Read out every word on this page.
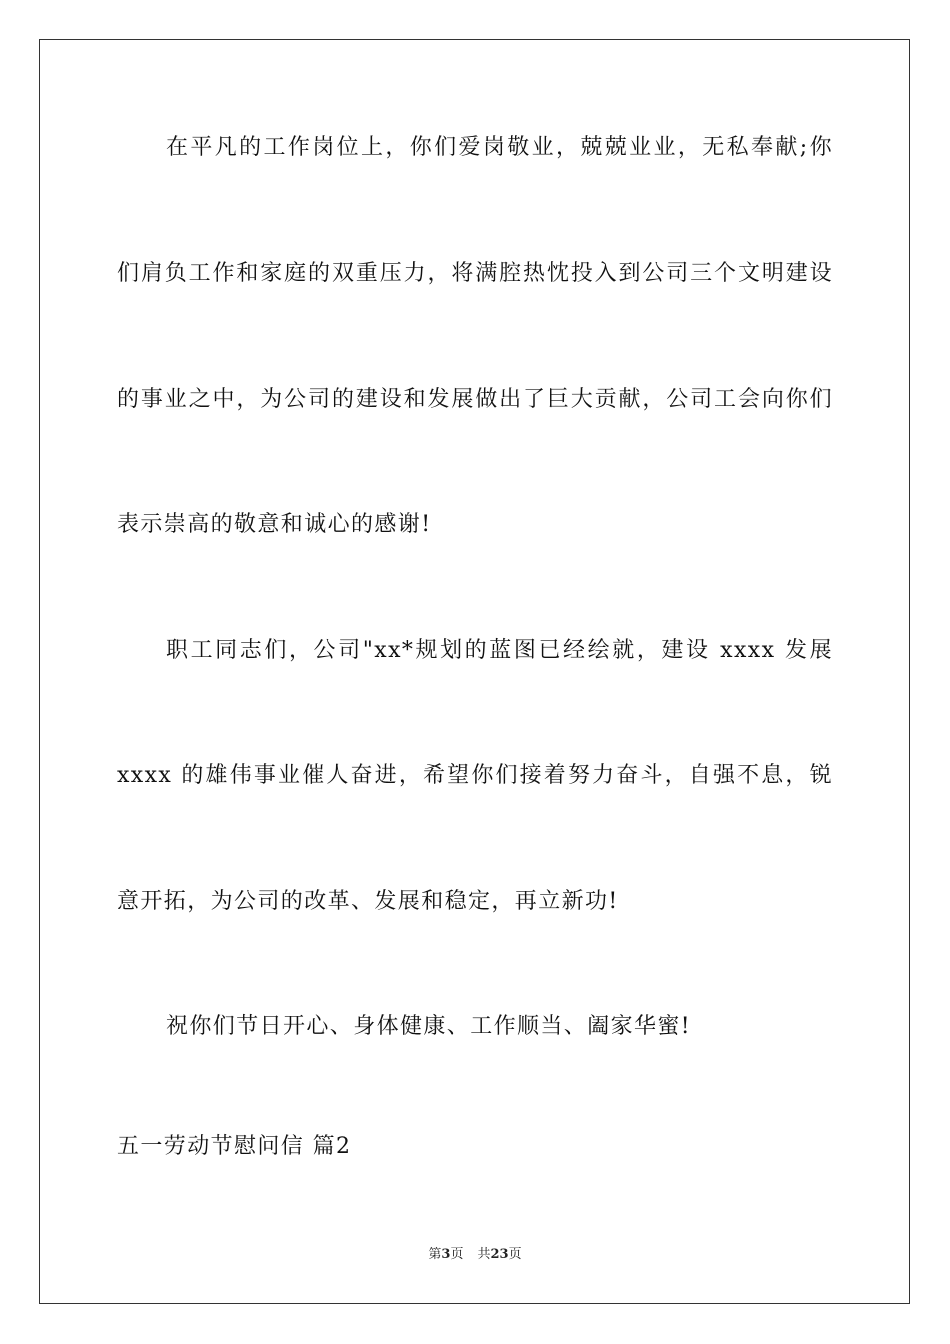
在平凡的工作岗位上，你们爱岗敬业，兢兢业业，无私奉献;你
们肩负工作和家庭的双重压力，将满腔热忱投入到公司三个文明建设
的事业之中，为公司的建设和发展做出了巨大贡献，公司工会向你们
表示崇高的敬意和诚心的感谢!
职工同志们，公司"xx*规划的蓝图已经绘就，建设 xxxx 发展
xxxx 的雄伟事业催人奋进，希望你们接着努力奋斗，自强不息，锐
意开拓，为公司的改革、发展和稳定，再立新功!
祝你们节日开心、身体健康、工作顺当、阖家华蜜!
五一劳动节慰问信 篇2
第3页 共23页
